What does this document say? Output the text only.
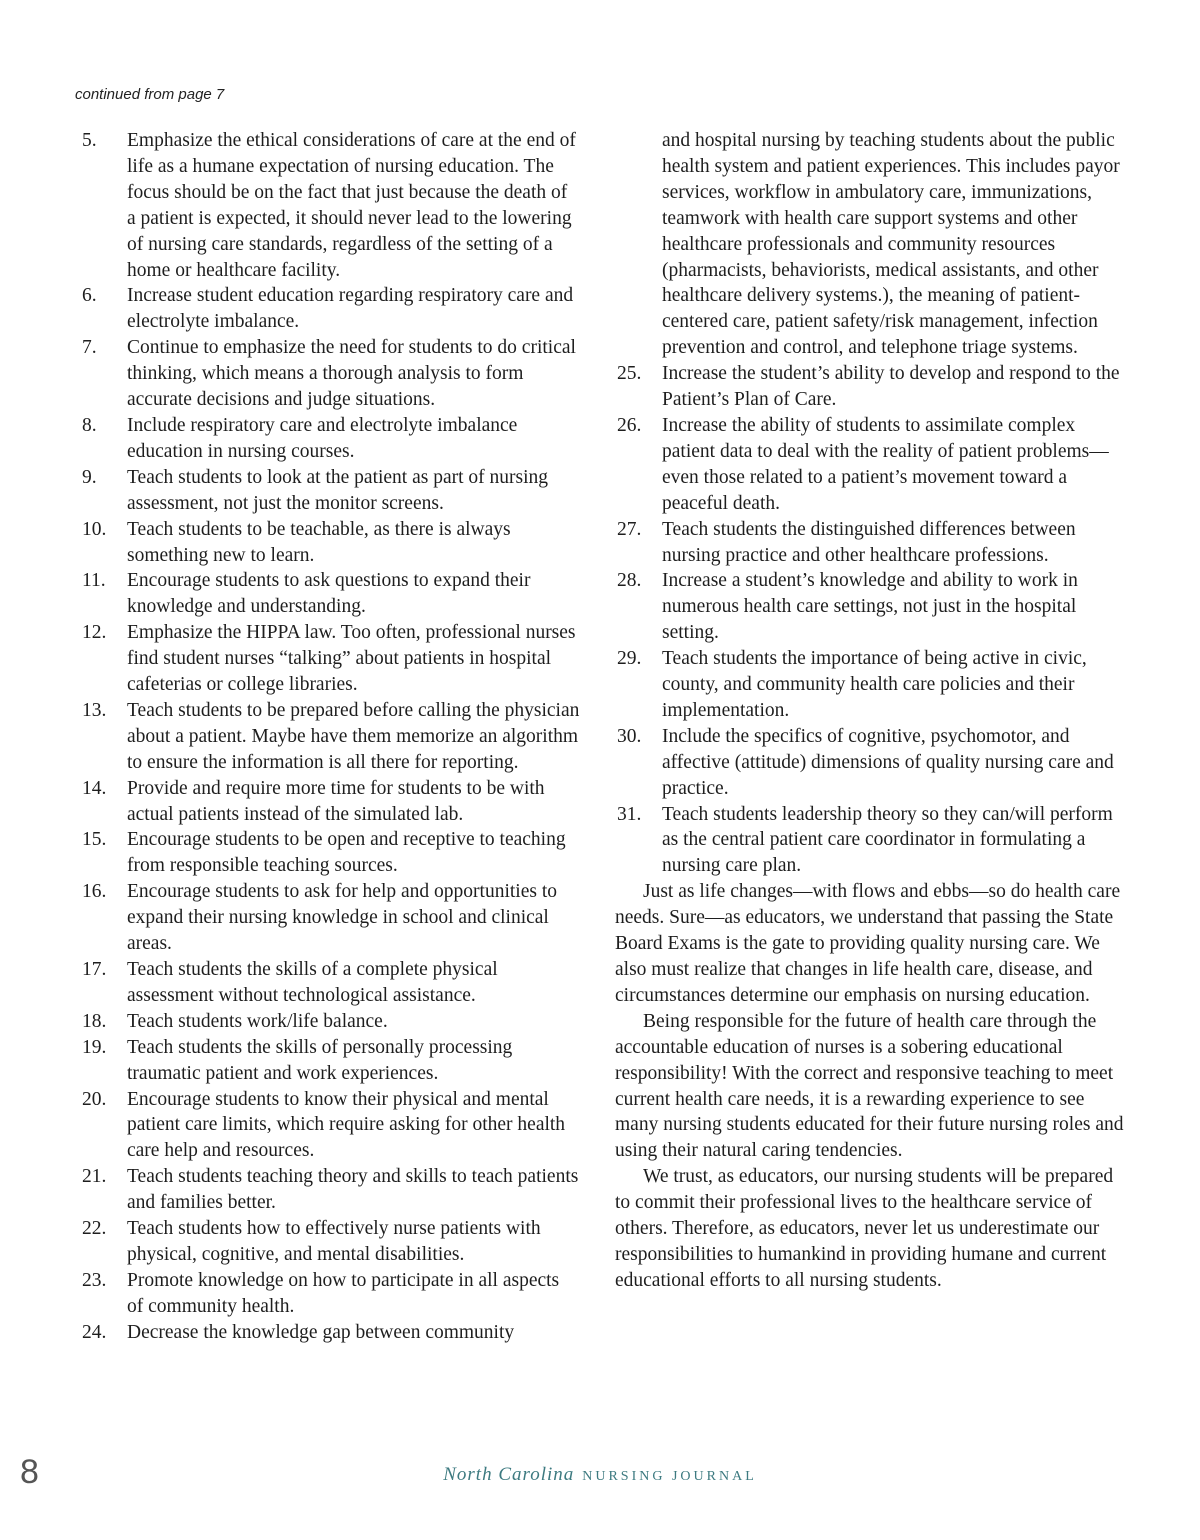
continued from page 7
5.	Emphasize the ethical considerations of care at the end of life as a humane expectation of nursing education. The focus should be on the fact that just because the death of a patient is expected, it should never lead to the lowering of nursing care standards, regardless of the setting of a home or healthcare facility.
6.	Increase student education regarding respiratory care and electrolyte imbalance.
7.	Continue to emphasize the need for students to do critical thinking, which means a thorough analysis to form accurate decisions and judge situations.
8.	Include respiratory care and electrolyte imbalance education in nursing courses.
9.	Teach students to look at the patient as part of nursing assessment, not just the monitor screens.
10.	Teach students to be teachable, as there is always something new to learn.
11.	Encourage students to ask questions to expand their knowledge and understanding.
12.	Emphasize the HIPPA law. Too often, professional nurses find student nurses “talking” about patients in hospital cafeterias or college libraries.
13.	Teach students to be prepared before calling the physician about a patient. Maybe have them memorize an algorithm to ensure the information is all there for reporting.
14.	Provide and require more time for students to be with actual patients instead of the simulated lab.
15.	Encourage students to be open and receptive to teaching from responsible teaching sources.
16.	Encourage students to ask for help and opportunities to expand their nursing knowledge in school and clinical areas.
17.	Teach students the skills of a complete physical assessment without technological assistance.
18.	Teach students work/life balance.
19.	Teach students the skills of personally processing traumatic patient and work experiences.
20.	Encourage students to know their physical and mental patient care limits, which require asking for other health care help and resources.
21.	Teach students teaching theory and skills to teach patients and families better.
22.	Teach students how to effectively nurse patients with physical, cognitive, and mental disabilities.
23.	Promote knowledge on how to participate in all aspects of community health.
24.	Decrease the knowledge gap between community
and hospital nursing by teaching students about the public health system and patient experiences. This includes payor services, workflow in ambulatory care, immunizations, teamwork with health care support systems and other healthcare professionals and community resources (pharmacists, behaviorists, medical assistants, and other healthcare delivery systems.), the meaning of patient-centered care, patient safety/risk management, infection prevention and control, and telephone triage systems.
25.	Increase the student’s ability to develop and respond to the Patient’s Plan of Care.
26.	Increase the ability of students to assimilate complex patient data to deal with the reality of patient problems—even those related to a patient’s movement toward a peaceful death.
27.	Teach students the distinguished differences between nursing practice and other healthcare professions.
28.	Increase a student’s knowledge and ability to work in numerous health care settings, not just in the hospital setting.
29.	Teach students the importance of being active in civic, county, and community health care policies and their implementation.
30.	Include the specifics of cognitive, psychomotor, and affective (attitude) dimensions of quality nursing care and practice.
31.	Teach students leadership theory so they can/will perform as the central patient care coordinator in formulating a nursing care plan.

Just as life changes—with flows and ebbs—so do health care needs. Sure—as educators, we understand that passing the State Board Exams is the gate to providing quality nursing care. We also must realize that changes in life health care, disease, and circumstances determine our emphasis on nursing education.

Being responsible for the future of health care through the accountable education of nurses is a sobering educational responsibility! With the correct and responsive teaching to meet current health care needs, it is a rewarding experience to see many nursing students educated for their future nursing roles and using their natural caring tendencies.

We trust, as educators, our nursing students will be prepared to commit their professional lives to the healthcare service of others. Therefore, as educators, never let us underestimate our responsibilities to humankind in providing humane and current educational efforts to all nursing students.

8	North Carolina NURSING JOURNAL
